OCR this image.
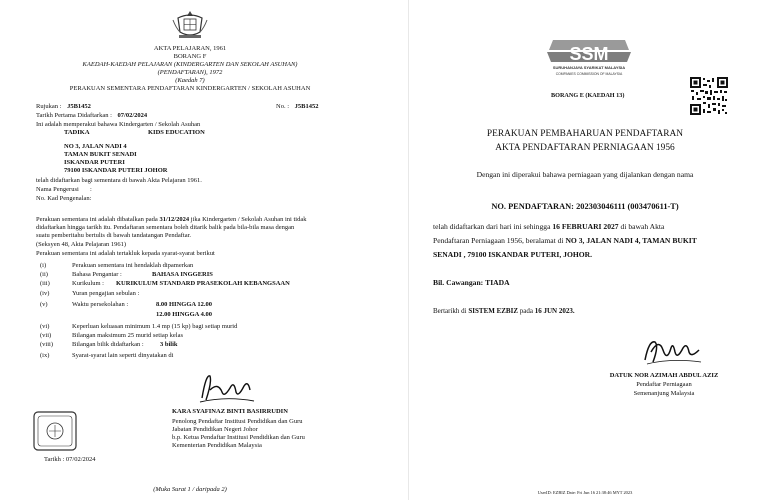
AKTA PELAJARAN, 1961
BORANG F
KAEDAH-KAEDAH PELAJARAN (KINDERGARTEN DAN SEKOLAH ASUHAN)
(PENDAFTARAN), 1972
(Kaedah 7)
PERAKUAN SEMENTARA PENDAFTARAN KINDERGARTEN / SEKOLAH ASUHAN
Rujukan : J5B1452	No. : J5B1452
Tarikh Pertama Didaftarkan : 07/02/2024
Ini adalah memperakui bahawa Kindergarten / Sekolah Asuhan
TADIKA	KIDS EDUCATION
NO 3, JALAN NADI 4
TAMAN BUKIT SENADI
ISKANDAR PUTERI
79100 ISKANDAR PUTERI JOHOR
telah didaftarkan bagi sementara di bawah Akta Pelajaran 1961.
Nama Pengerusi :
No. Kad Pengenalan:
Perakuan sementara ini adalah dibatalkan pada 31/12/2024 jika Kindergarten / Sekolah Asuhan ini tidak
didaftarkan hingga tarikh itu. Pendaftaran sementara boleh ditarik balik pada bila-bila masa dengan
suatu pemberitahu bertulis di bawah tandatangan Pendaftar.
(Seksyen 48, Akta Pelajaran 1961)
Perakuan sementara ini adalah tertakluk kepada syarat-syarat berikut
(i)	Perakuan sementara ini hendaklah dipamerkan
(ii)	Bahasa Pengantar :	BAHASA INGGERIS
(iii)	Kurikulum : KURIKULUM STANDARD PRASEKOLAH KEBANGSAAN
(iv)	Yuran pengajian sebulan :
(v)	Waktu persekolahan :	8.00 HINGGA 12.00
12.00 HINGGA 4.00
(vi)	Keperluan keluasan minimum 1.4 mp (15 kp) bagi setiap murid
(vii)	Bilangan maksimum 25 murid setiap kelas
(viii)	Bilangan bilik didaftarkan :	3 bilik
(ix)	Syarat-syarat lain seperti dinyatakan di
KARA SYAFINAZ BINTI BASIRRUDIN
Penolong Pendaftar Institusi Pendidikan dan Guru
Jabatan Pendidikan Negeri Johor
b.p. Ketua Pendaftar Institusi Pendidikan dan Guru
Kementerian Pendidikan Malaysia
Tarikh : 07/02/2024
(Muka Surat 1 / daripada 2)
SSM
SURUHANJAYA SYARIKAT MALAYSIA
COMPANIES COMMISSION OF MALAYSIA
BORANG E (KAEDAH 13)
PERAKUAN PEMBAHARUAN PENDAFTARAN
AKTA PENDAFTARAN PERNIAGAAN 1956
Dengan ini diperakui bahawa perniagaan yang dijalankan dengan nama
NO. PENDAFTARAN: 202303046111 (003470611-T)
telah didaftarkan dari hari ini sehingga 16 FEBRUARI 2027 di bawah Akta
Pendaftaran Perniagaan 1956, beralamat di NO 3, JALAN NADI 4, TAMAN BUKIT
SENADI , 79100 ISKANDAR PUTERI, JOHOR.
Bil. Cawangan: TIADA
Bertarikh di SISTEM EZBIZ pada 16 JUN 2023.
DATUK NOR AZIMAH ABDUL AZIZ
Pendaftar Perniagaan
Semenanjung Malaysia
UserID: EZBIZ Date: Fri Jun 16 21:38:46 MYT 2023
